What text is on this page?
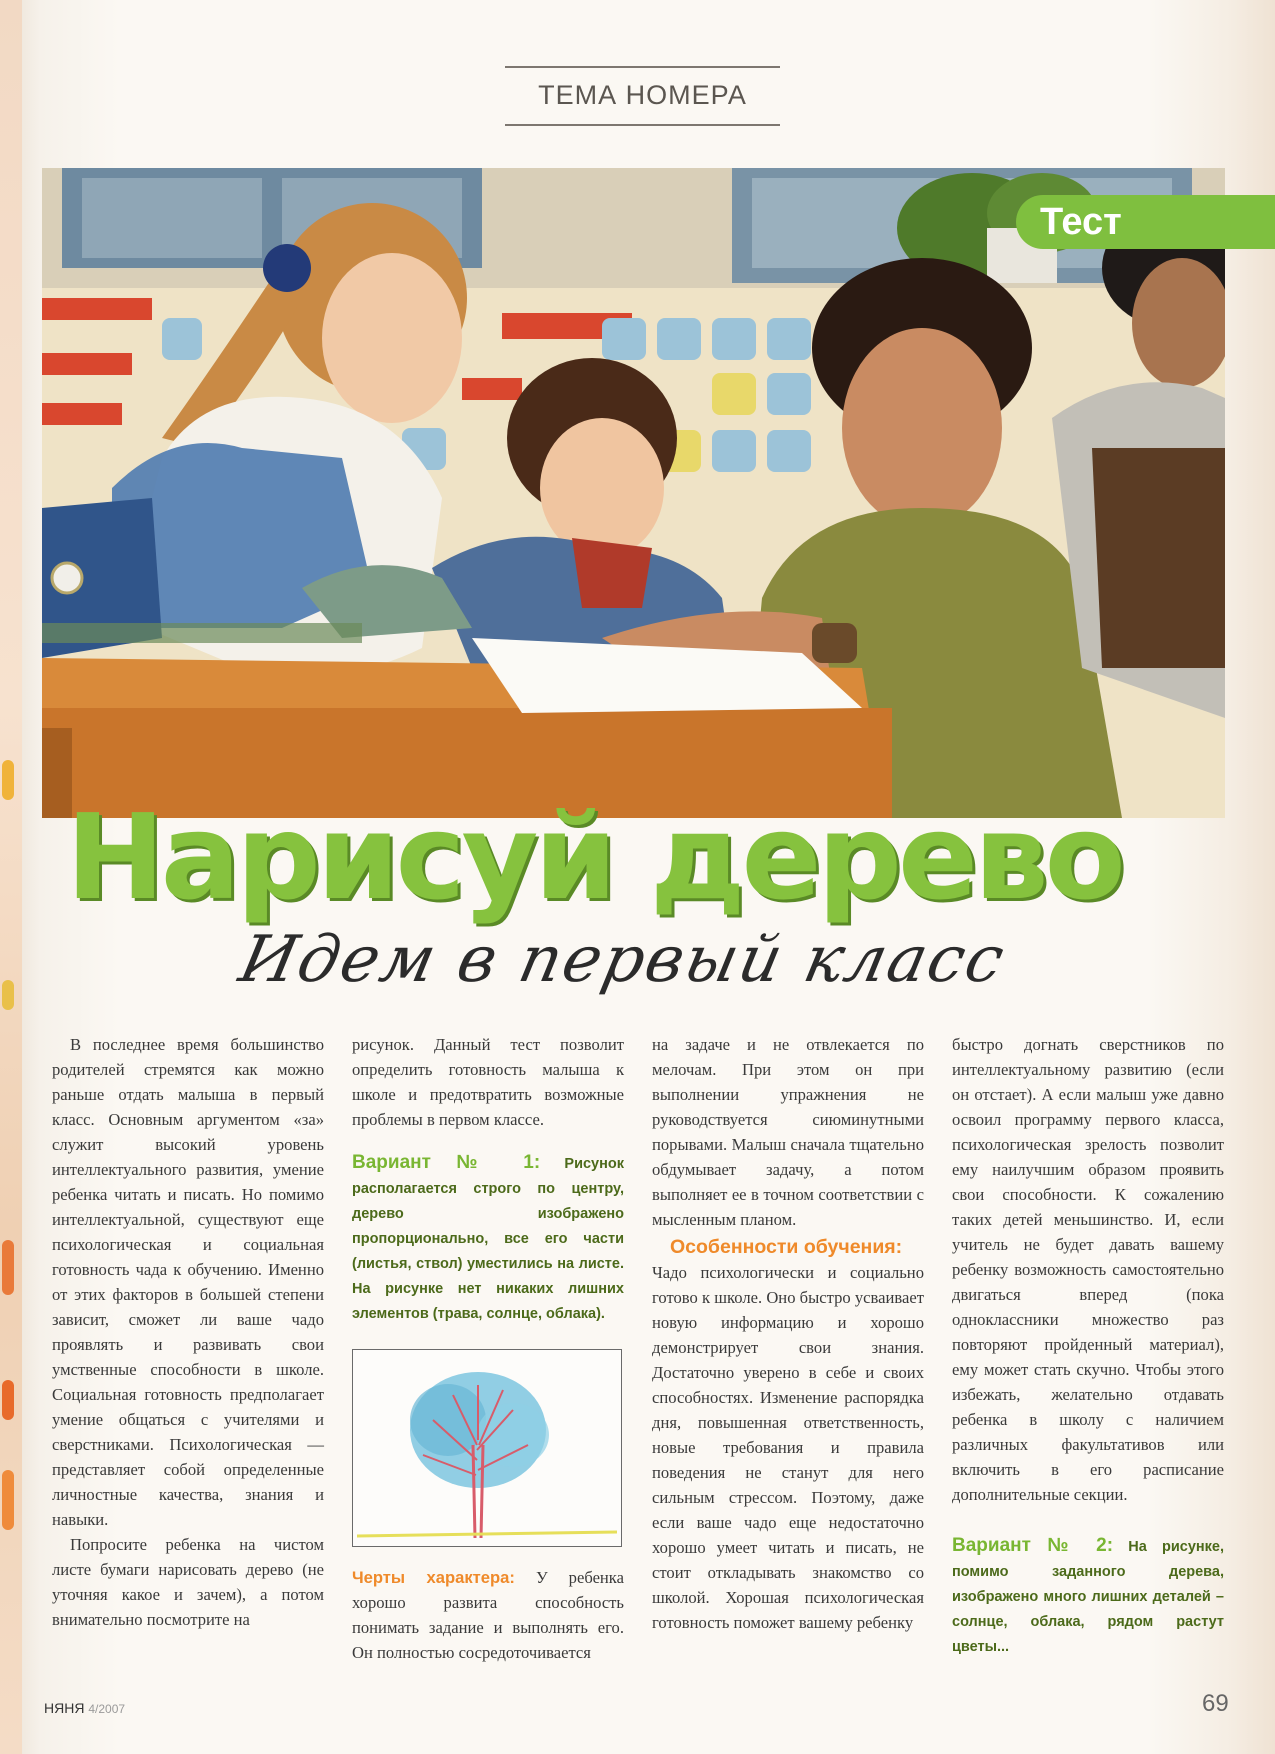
ТЕМА НОМЕРА
Тест
Нарисуй дерево
Идем в первый класс

В последнее время большинство родителей стремятся как можно раньше отдать малыша в первый класс. Основным аргументом «за» служит высокий уровень интеллектуального развития, умение ребенка читать и писать. Но помимо интеллектуальной, существуют еще психологическая и социальная готовность чада к обучению. Именно от этих факторов в большей степени зависит, сможет ли ваше чадо проявлять и развивать свои умственные способности в школе. Социальная готовность предполагает умение общаться с учителями и сверстниками. Психологическая — представляет собой определенные личностные качества, знания и навыки.

Попросите ребенка на чистом листе бумаги нарисовать дерево (не уточняя какое и зачем), а потом внимательно посмотрите на

рисунок. Данный тест позволит определить готовность малыша к школе и предотвратить возможные проблемы в первом классе.

Вариант № 1: Рисунок располагается строго по центру, дерево изображено пропорционально, все его части (листья, ствол) уместились на листе. На рисунке нет никаких лишних элементов (трава, солнце, облака).

Черты характера: У ребенка хорошо развита способность понимать задание и выполнять его. Он полностью сосредоточивается

на задаче и не отвлекается по мелочам. При этом он при выполнении упражнения не руководствуется сиюминутными порывами. Малыш сначала тщательно обдумывает задачу, а потом выполняет ее в точном соответствии с мысленным планом.

Особенности обучения:

Чадо психологически и социально готово к школе. Оно быстро усваивает новую информацию и хорошо демонстрирует свои знания. Достаточно уверено в себе и своих способностях. Изменение распорядка дня, повышенная ответственность, новые требования и правила поведения не станут для него сильным стрессом. Поэтому, даже если ваше чадо еще недостаточно хорошо умеет читать и писать, не стоит откладывать знакомство со школой. Хорошая психологическая готовность поможет вашему ребенку

быстро догнать сверстников по интеллектуальному развитию (если он отстает). А если малыш уже давно освоил программу первого класса, психологическая зрелость позволит ему наилучшим образом проявить свои способности. К сожалению таких детей меньшинство. И, если учитель не будет давать вашему ребенку возможность самостоятельно двигаться вперед (пока одноклассники множество раз повторяют пройденный материал), ему может стать скучно. Чтобы этого избежать, желательно отдавать ребенка в школу с наличием различных факультативов или включить в его расписание дополнительные секции.

Вариант № 2: На рисунке, помимо заданного дерева, изображено много лишних деталей – солнце, облака, рядом растут цветы...
НЯНЯ 4/2007	69
